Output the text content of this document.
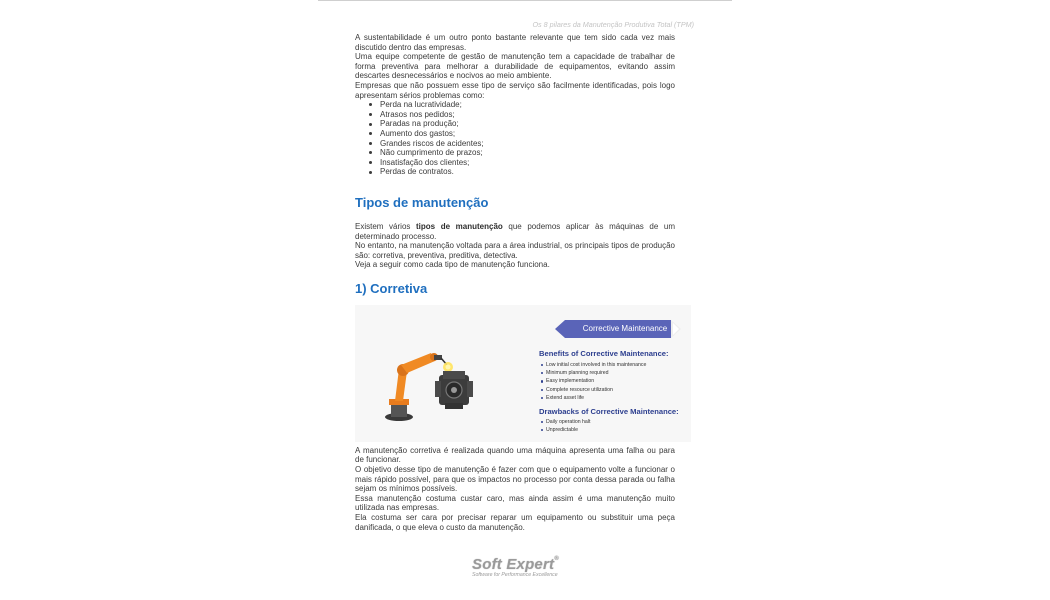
Os 8 pilares da Manutenção Produtiva Total (TPM)

A sustentabilidade é um outro ponto bastante relevante que tem sido cada vez mais discutido dentro das empresas.

Uma equipe competente de gestão de manutenção tem a capacidade de trabalhar de forma preventiva para melhorar a durabilidade de equipamentos, evitando assim descartes desnecessários e nocivos ao meio ambiente.

Empresas que não possuem esse tipo de serviço são facilmente identificadas, pois logo apresentam sérios problemas como:

Perda na lucratividade;
Atrasos nos pedidos;
Paradas na produção;
Aumento dos gastos;
Grandes riscos de acidentes;
Não cumprimento de prazos;
Insatisfação dos clientes;
Perdas de contratos.
Tipos de manutenção

Existem vários tipos de manutenção que podemos aplicar às máquinas de um determinado processo.

No entanto, na manutenção voltada para a área industrial, os principais tipos de produção são: corretiva, preventiva, preditiva, detectiva.

Veja a seguir como cada tipo de manutenção funciona.

1) Corretiva
Corrective Maintenance
Benefits of Corrective Maintenance:
Low initial cost involved in this maintenance
Minimum planning required
Easy implementation
Complete resource utilization
Extend asset life
Drawbacks of Corrective Maintenance:
Daily operation halt
Unpredictable

A manutenção corretiva é realizada quando uma máquina apresenta uma falha ou para de funcionar.

O objetivo desse tipo de manutenção é fazer com que o equipamento volte a funcionar o mais rápido possível, para que os impactos no processo por conta dessa parada ou falha sejam os mínimos possíveis.

Essa manutenção costuma custar caro, mas ainda assim é uma manutenção muito utilizada nas empresas.

Ela costuma ser cara por precisar reparar um equipamento ou substituir uma peça danificada, o que eleva o custo da manutenção.

Soft Expert®
Software for Performance Excellence
